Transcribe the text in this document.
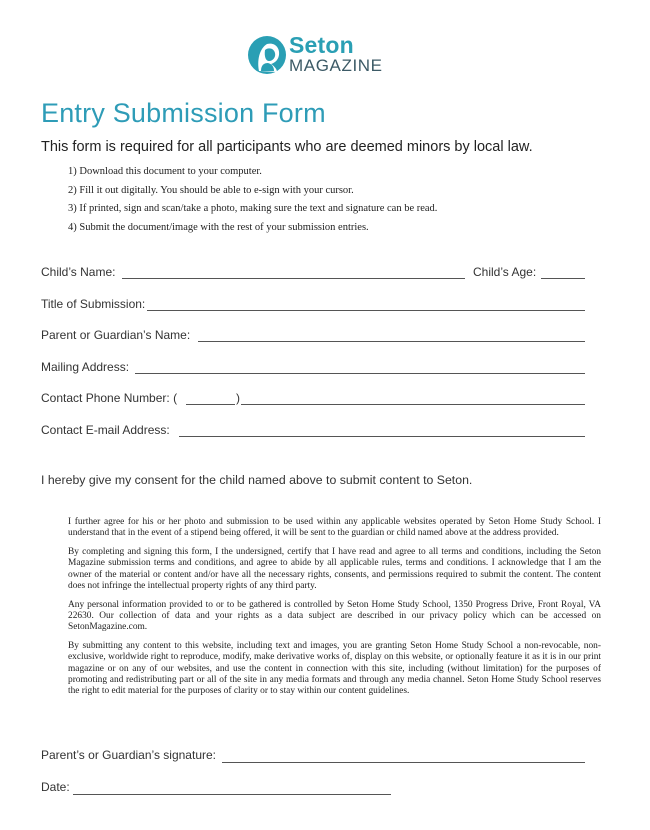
Seton
MAGAZINE
Entry Submission Form
This form is required for all participants who are deemed minors by local law.
1) Download this document to your computer.
2) Fill it out digitally. You should be able to e-sign with your cursor.
3) If printed, sign and scan/take a photo, making sure the text and signature can be read.
4) Submit the document/image with the rest of your submission entries.
Child’s Name:	Child’s Age:
Title of Submission:
Parent or Guardian’s Name:
Mailing Address:
Contact Phone Number: (	)
Contact E-mail Address:
I hereby give my consent for the child named above to submit content to Seton.

I further agree for his or her photo and submission to be used within any applicable websites operated by Seton Home Study School. I understand that in the event of a stipend being offered, it will be sent to the guardian or child named above at the address provided.

By completing and signing this form, I the undersigned, certify that I have read and agree to all terms and conditions, including the Seton Magazine submission terms and conditions, and agree to abide by all applicable rules, terms and conditions. I acknowledge that I am the owner of the material or content and/or have all the necessary rights, consents, and permissions required to submit the content. The content does not infringe the intellectual property rights of any third party.

Any personal information provided to or to be gathered is controlled by Seton Home Study School, 1350 Progress Drive, Front Royal, VA 22630. Our collection of data and your rights as a data subject are described in our privacy policy which can be accessed on SetonMagazine.com.

By submitting any content to this website, including text and images, you are granting Seton Home Study School a non-revocable, non-exclusive, worldwide right to reproduce, modify, make derivative works of, display on this website, or optionally feature it as it is in our print magazine or on any of our websites, and use the content in connection with this site, including (without limitation) for the purposes of promoting and redistributing part or all of the site in any media formats and through any media channel. Seton Home Study School reserves the right to edit material for the purposes of clarity or to stay within our content guidelines.

Parent’s or Guardian’s signature:
Date:
